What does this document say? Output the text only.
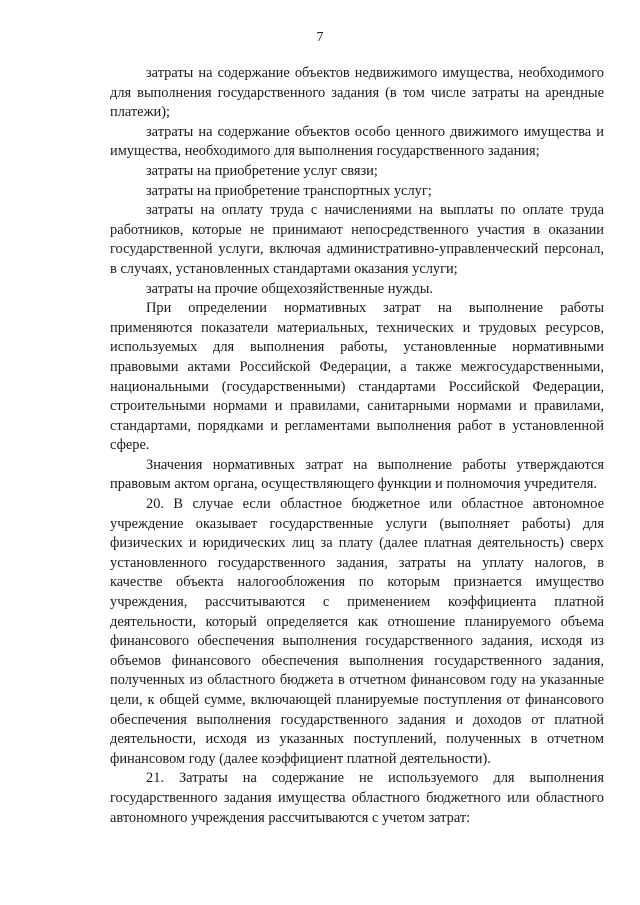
7

затраты на содержание объектов недвижимого имущества, необходимого для выполнения государственного задания (в том числе затраты на арендные платежи);

затраты на содержание объектов особо ценного движимого имущества и имущества, необходимого для выполнения государственного задания;

затраты на приобретение услуг связи;

затраты на приобретение транспортных услуг;

затраты на оплату труда с начислениями на выплаты по оплате труда работников, которые не принимают непосредственного участия в оказании государственной услуги, включая административно-управленческий персонал, в случаях, установленных стандартами оказания услуги;

затраты на прочие общехозяйственные нужды.

При определении нормативных затрат на выполнение работы применяются показатели материальных, технических и трудовых ресурсов, используемых для выполнения работы, установленные нормативными правовыми актами Российской Федерации, а также межгосударственными, национальными (государственными) стандартами Российской Федерации, строительными нормами и правилами, санитарными нормами и правилами, стандартами, порядками и регламентами выполнения работ в установленной сфере.

Значения нормативных затрат на выполнение работы утверждаются правовым актом органа, осуществляющего функции и полномочия учредителя.

20. В случае если областное бюджетное или областное автономное учреждение оказывает государственные услуги (выполняет работы) для физических и юридических лиц за плату (далее платная деятельность) сверх установленного государственного задания, затраты на уплату налогов, в качестве объекта налогообложения по которым признается имущество учреждения, рассчитываются с применением коэффициента платной деятельности, который определяется как отношение планируемого объема финансового обеспечения выполнения государственного задания, исходя из объемов финансового обеспечения выполнения государственного задания, полученных из областного бюджета в отчетном финансовом году на указанные цели, к общей сумме, включающей планируемые поступления от финансового обеспечения выполнения государственного задания и доходов от платной деятельности, исходя из указанных поступлений, полученных в отчетном финансовом году (далее коэффициент платной деятельности).

21. Затраты на содержание не используемого для выполнения государственного задания имущества областного бюджетного или областного автономного учреждения рассчитываются с учетом затрат:
